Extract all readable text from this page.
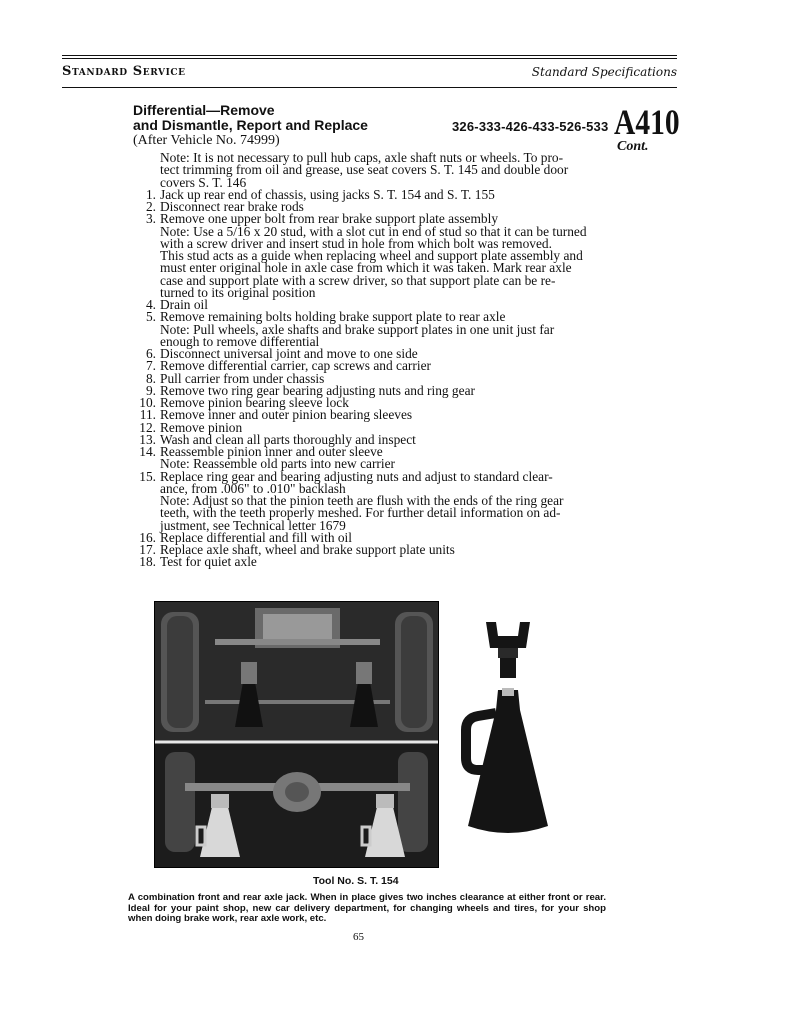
Standard Service	Standard Specifications
Differential—Remove
and Dismantle, Report and Replace
(After Vehicle No. 74999)
326-333-426-433-526-533 A410
Cont.
Note: It is not necessary to pull hub caps, axle shaft nuts or wheels. To pro-
tect trimming from oil and grease, use seat covers S. T. 145 and double door
covers S. T. 146
1. Jack up rear end of chassis, using jacks S. T. 154 and S. T. 155
2. Disconnect rear brake rods
3. Remove one upper bolt from rear brake support plate assembly
Note: Use a 5/16 x 20 stud, with a slot cut in end of stud so that it can be turned
with a screw driver and insert stud in hole from which bolt was removed.
This stud acts as a guide when replacing wheel and support plate assembly and
must enter original hole in axle case from which it was taken. Mark rear axle
case and support plate with a screw driver, so that support plate can be re-
turned to its original position
4. Drain oil
5. Remove remaining bolts holding brake support plate to rear axle
Note: Pull wheels, axle shafts and brake support plates in one unit just far
enough to remove differential
6. Disconnect universal joint and move to one side
7. Remove differential carrier, cap screws and carrier
8. Pull carrier from under chassis
9. Remove two ring gear bearing adjusting nuts and ring gear
10. Remove pinion bearing sleeve lock
11. Remove inner and outer pinion bearing sleeves
12. Remove pinion
13. Wash and clean all parts thoroughly and inspect
14. Reassemble pinion inner and outer sleeve
Note: Reassemble old parts into new carrier
15. Replace ring gear and bearing adjusting nuts and adjust to standard clear-
ance, from .006" to .010" backlash
Note: Adjust so that the pinion teeth are flush with the ends of the ring gear
teeth, with the teeth properly meshed. For further detail information on ad-
justment, see Technical letter 1679
16. Replace differential and fill with oil
17. Replace axle shaft, wheel and brake support plate units
18. Test for quiet axle
Tool No. S. T. 154
A combination front and rear axle jack. When in place gives two inches clearance at either front or rear. Ideal for your paint shop, new car delivery department, for changing wheels and tires, for your shop when doing brake work, rear axle work, etc.
65
